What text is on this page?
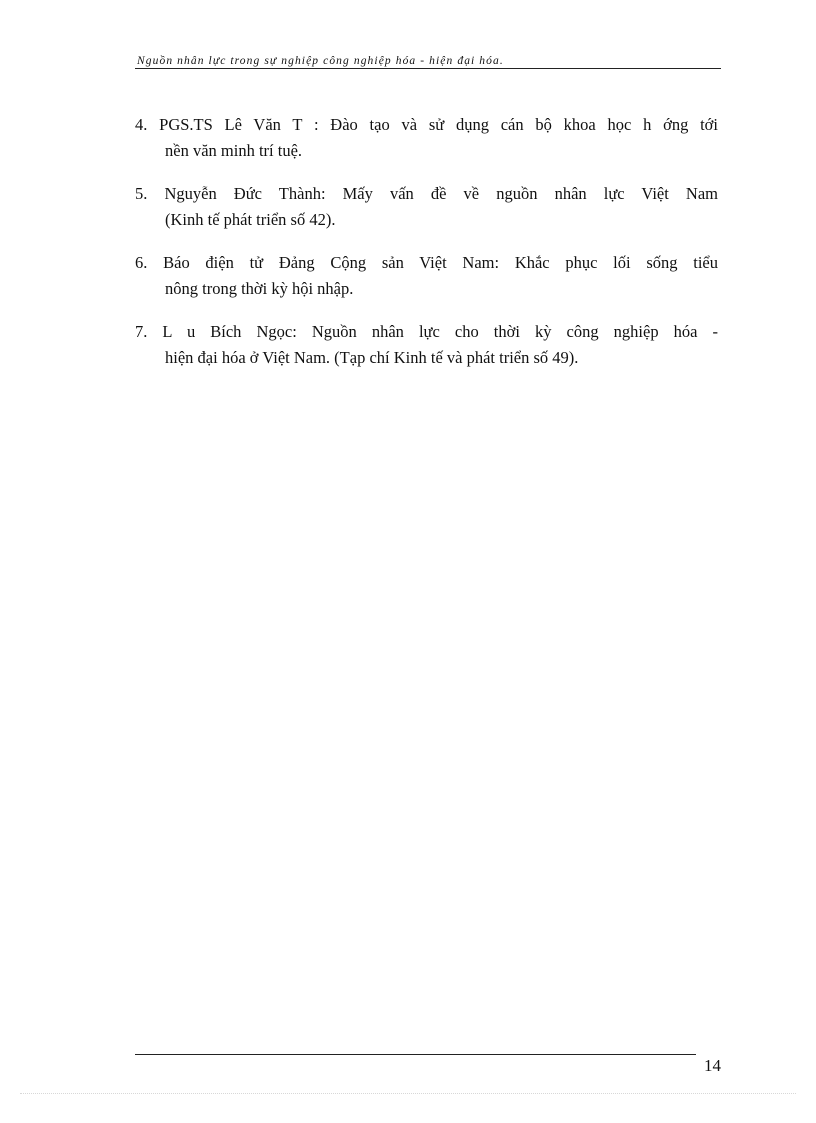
Nguồn nhân lực trong sự nghiệp công nghiệp hóa - hiện đại hóa.
4. PGS.TS Lê Văn T : Đào tạo và sử dụng cán bộ khoa học h ớng tới
nền văn minh trí tuệ.
5. Nguyễn Đức Thành: Mấy vấn đề về nguồn nhân lực Việt Nam
(Kinh tế phát triển số 42).
6. Báo điện tử Đảng Cộng sản Việt Nam: Khắc phục lối sống tiểu
nông trong thời kỳ hội nhập.
7. L u Bích Ngọc: Nguồn nhân lực cho thời kỳ công nghiệp hóa -
hiện đại hóa ở Việt Nam. (Tạp chí Kinh tế và phát triển số 49).
14
